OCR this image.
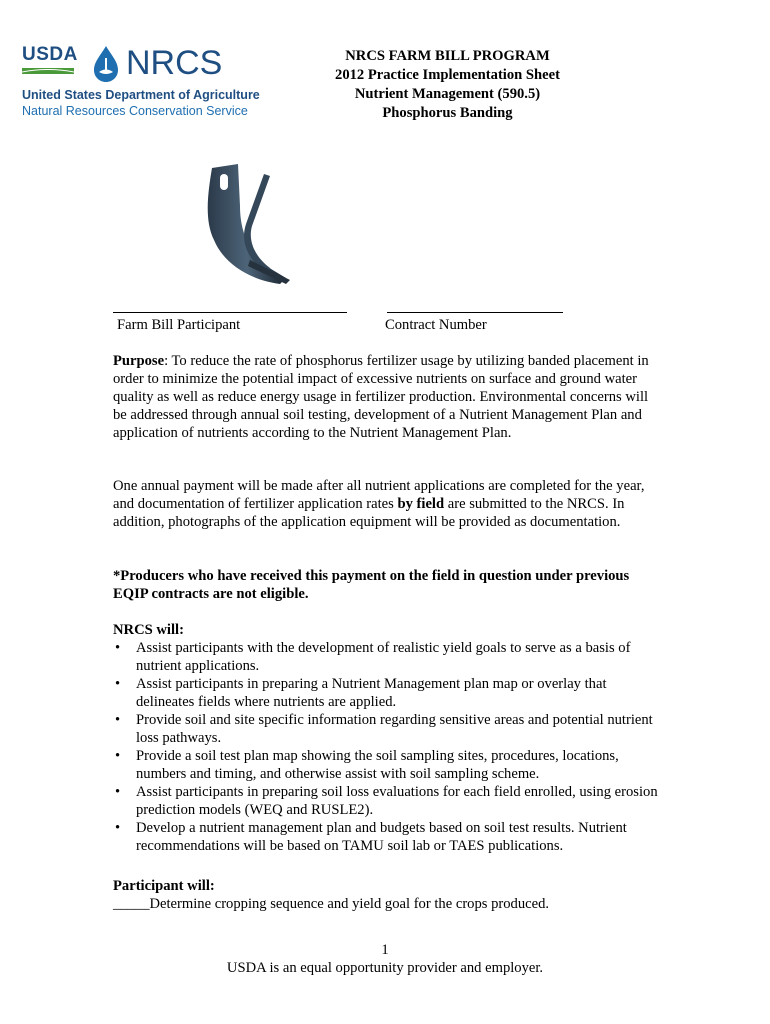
USDA NRCS
United States Department of Agriculture
Natural Resources Conservation Service
NRCS FARM BILL PROGRAM
2012 Practice Implementation Sheet
Nutrient Management (590.5)
Phosphorus Banding
Farm Bill Participant	Contract Number

Purpose: To reduce the rate of phosphorus fertilizer usage by utilizing banded placement in order to minimize the potential impact of excessive nutrients on surface and ground water quality as well as reduce energy usage in fertilizer production. Environmental concerns will be addressed through annual soil testing, development of a Nutrient Management Plan and application of nutrients according to the Nutrient Management Plan.

One annual payment will be made after all nutrient applications are completed for the year, and documentation of fertilizer application rates by field are submitted to the NRCS. In addition, photographs of the application equipment will be provided as documentation.

*Producers who have received this payment on the field in question under previous EQIP contracts are not eligible.

NRCS will:

• Assist participants with the development of realistic yield goals to serve as a basis of nutrient applications.
• Assist participants in preparing a Nutrient Management plan map or overlay that delineates fields where nutrients are applied.
• Provide soil and site specific information regarding sensitive areas and potential nutrient loss pathways.
• Provide a soil test plan map showing the soil sampling sites, procedures, locations, numbers and timing, and otherwise assist with soil sampling scheme.
• Assist participants in preparing soil loss evaluations for each field enrolled, using erosion prediction models (WEQ and RUSLE2).
• Develop a nutrient management plan and budgets based on soil test results. Nutrient recommendations will be based on TAMU soil lab or TAES publications.

Participant will:

_____Determine cropping sequence and yield goal for the crops produced.

1
USDA is an equal opportunity provider and employer.
